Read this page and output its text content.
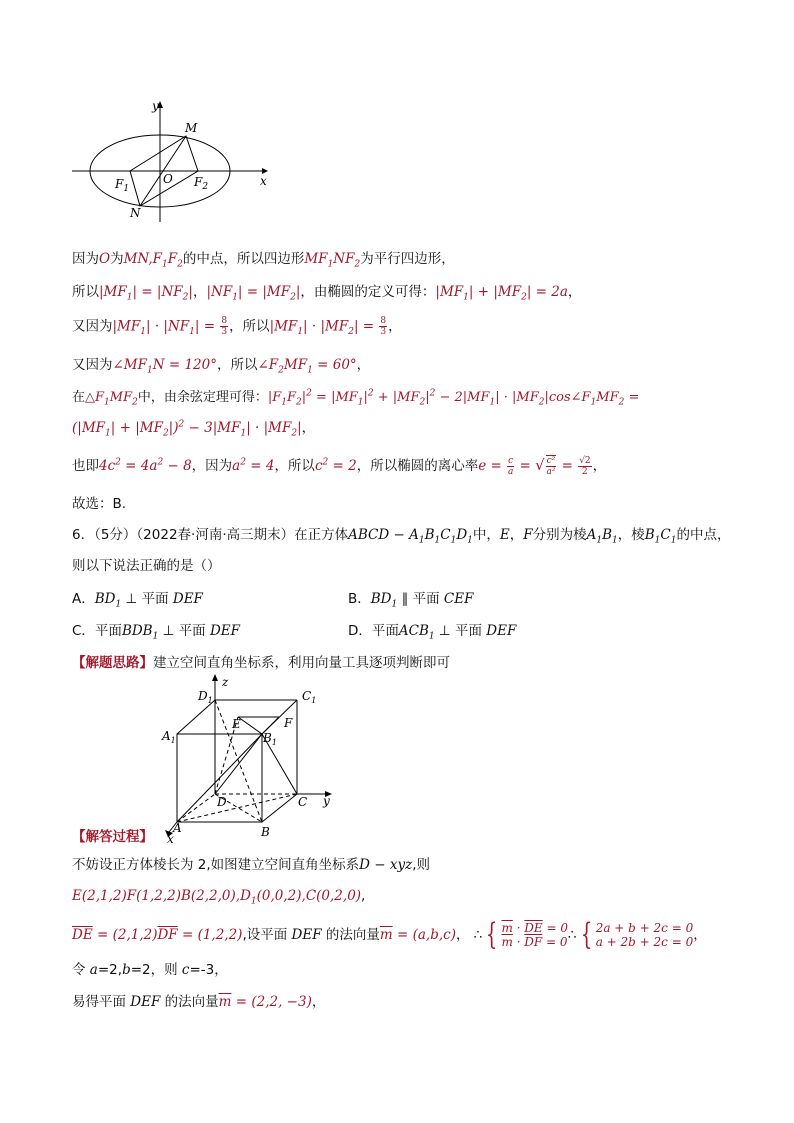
y
x
M
N
O
$F_1$	$F_2$
因为O为$MN,F_1F_2$的中点，所以四边形$MF_1NF_2$为平行四边形，
所以$|MF_1| = |NF_2|$，$|NF_1| = |MF_2|$，由椭圆的定义可得：$|MF_1| + |MF_2| = 2a$，
又因为$|MF_1| \cdot |NF_1| = \frac{8}{3}$ ，所以$|MF_1| \cdot |MF_2| = \frac{8}{3}$ ，
又因为$\angle MF_1N = 120^\circ$，所以$\angle F_2MF_1 = 60^\circ$，
在$\triangle F_1MF_2$中，由余弦定理可得：$|F_1F_2|^2 = |MF_1|^2 + |MF_2|^2 - 2|MF_1|$ · $|MF_2|\cos\angle F_1MF_2$ =
$(|MF_1| + |MF_2|)^2 - 3|MF_1| \cdot |MF_2|$，
也即$4c^2 = 4a^2 - 8$，因为$a^2 = 4$，所以$c^2 = 2$，所以椭圆的离心率$e = \frac{c}{a}$ = √ $\frac{\text{c²}}{\text{a²}} = \frac{√2}{2}$ ，
故选：B.
6．（5分）（2022春·河南·高三期末）在正方体ABCD − $A_1B_1C_1D_1$中，E，F分别为棱$A_1B_1$，棱$B_1C_1$的中点，
则以下说法正确的是（）
A．$BD_1$ ⊥ 平面 DEF	B．$BD_1$ ∥ 平面 CEF
C．平面$BDB_1$ ⊥ 平面 DEF	D．平面$ACB_1$ ⊥ 平面 DEF
【解题思路】建立空间直角坐标系，利用向量工具逐项判断即可
z
y
x
A	B
C
D
$A_1$	$B_1$
$C_1$
$D_1$
E	F
【解答过程】
不妨设正方体棱长为 2,如图建立空间直角坐标系D − xyz,则
$E(2,1,2)F(1,2,2)B(2,2,0),D_1(0,0,2),C(0,2,0)$,
$\overline{DE} = (2,1,2)\overline{DF} = (1,2,2)$,设平面 DEF 的法向量$\overline{m} = (a,b,c)$， ∴ { $\overline{m} \cdot \overline{DE} = 0$
$\overline{m} \cdot \overline{DF} = 0$ ∴ { 2a + b + 2c = 0
a + 2b + 2c = 0 ，
令 a=2,b=2，则 c=-3，
易得平面 DEF 的法向量$\overline{m} = (2,2$, −3)，
